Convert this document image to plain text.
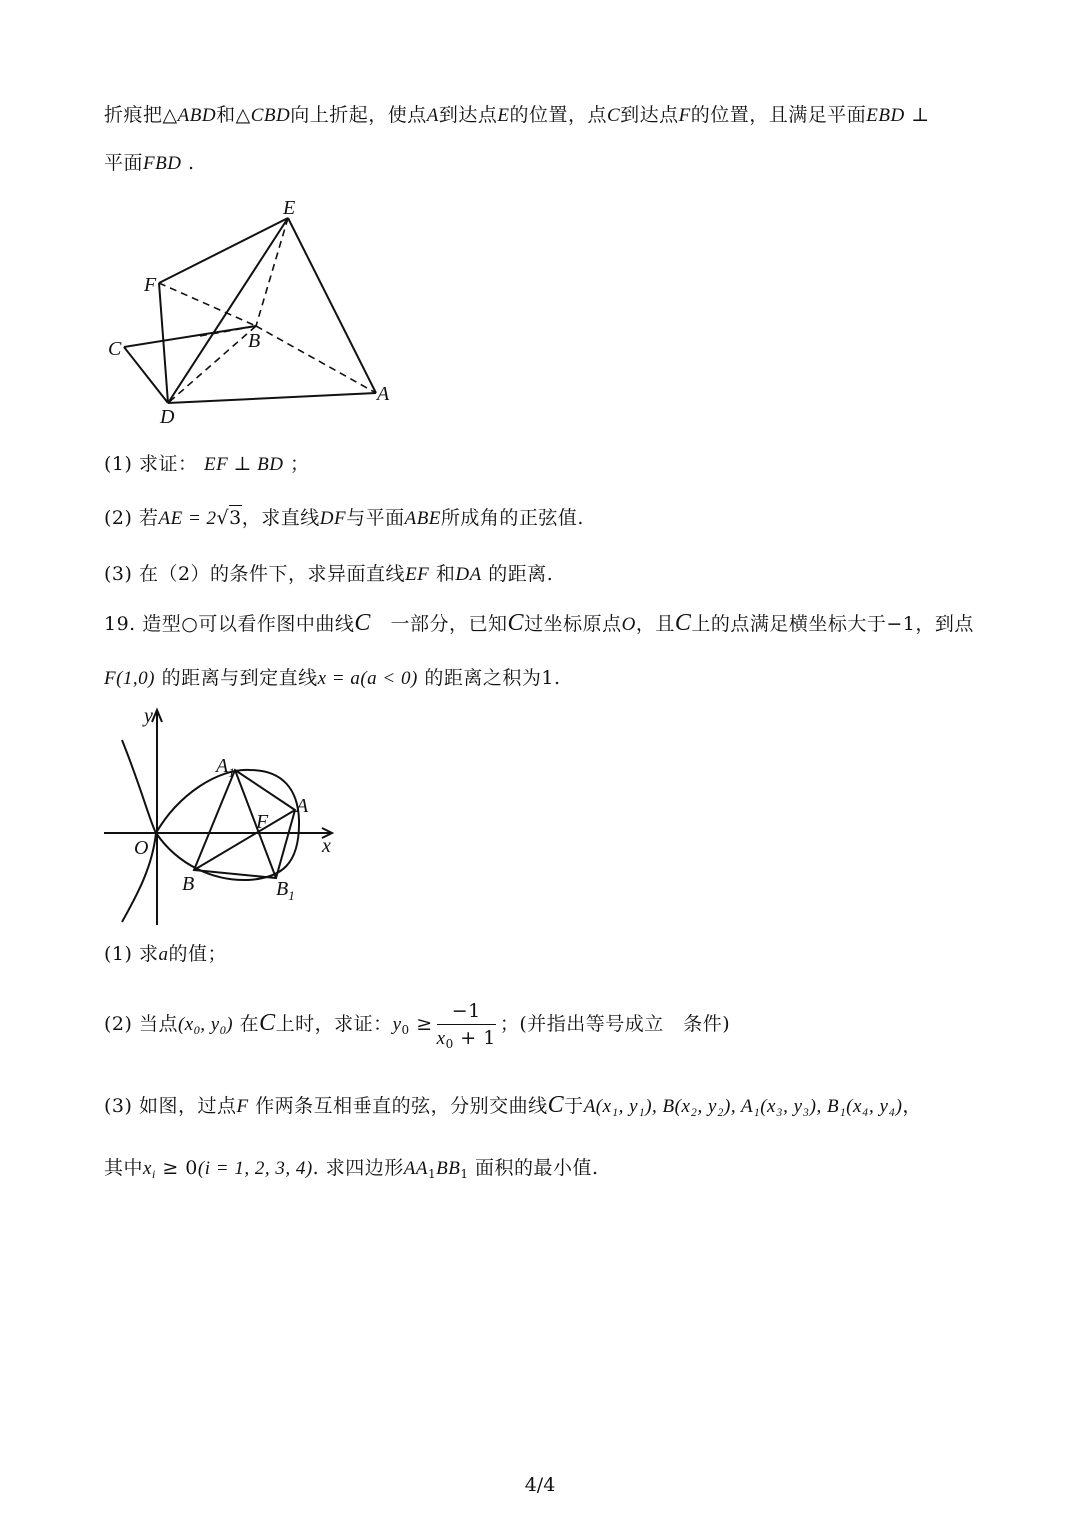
折痕把△ABD和△CBD向上折起，使点A到达点E的位置，点C到达点F的位置，且满足平面EBD ⊥
平面FBD .
E
F
B
C
D
A
(1) 求证： EF ⊥ BD ；
(2) 若AE = 2√3，求直线DF与平面ABE所成角的正弦值.
(3) 在（2）的条件下，求异面直线EF 和DA 的距离.
19. 造型○可以看作图中曲线C 一部分，已知C过坐标原点O，且C上的点满足横坐标大于−1，到点
F(1,0) 的距离与到定直线x = a(a < 0) 的距离之积为1.
y
x
O
$A_1$
A
F
B	$B_1$
(1) 求a的值；
(2) 当点($x_0$, $y_0$) 在C上时，求证：$y_0 \ge \frac{-1}{x_0 + 1}$ ；(并指出等号成立　条件)
(3) 如图，过点F 作两条互相垂直的弦，分别交曲线C于A(x₁, y₁), B(x₂, y₂), A₁(x₃, y₃), B₁(x₄, y₄)，
其中$x_i \ge 0(i = 1$, 2, 3, 4). 求四边形$AA_1BB_1$ 面积的最小值.
4/4
